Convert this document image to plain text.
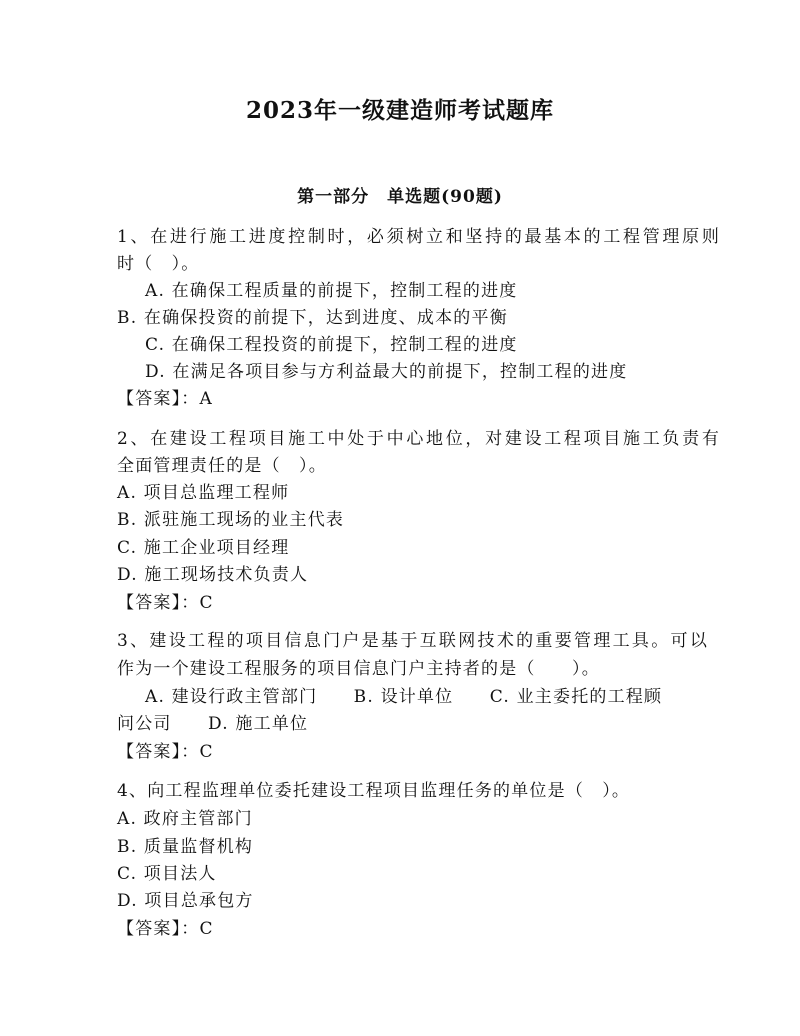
2023年一级建造师考试题库
第一部分　单选题(90题)
1、在进行施工进度控制时，必须树立和坚持的最基本的工程管理原则
时（　）。
A. 在确保工程质量的前提下，控制工程的进度
B. 在确保投资的前提下，达到进度、成本的平衡
C. 在确保工程投资的前提下，控制工程的进度
D. 在满足各项目参与方利益最大的前提下，控制工程的进度
【答案】：A
2、在建设工程项目施工中处于中心地位，对建设工程项目施工负责有
全面管理责任的是（　）。
A. 项目总监理工程师
B. 派驻施工现场的业主代表
C. 施工企业项目经理
D. 施工现场技术负责人
【答案】：C
3、建设工程的项目信息门户是基于互联网技术的重要管理工具。可以
作为一个建设工程服务的项目信息门户主持者的是（　　）。
A. 建设行政主管部门　　B. 设计单位　　C. 业主委托的工程顾
问公司　　D. 施工单位
【答案】：C
4、向工程监理单位委托建设工程项目监理任务的单位是（　）。
A. 政府主管部门
B. 质量监督机构
C. 项目法人
D. 项目总承包方
【答案】：C
